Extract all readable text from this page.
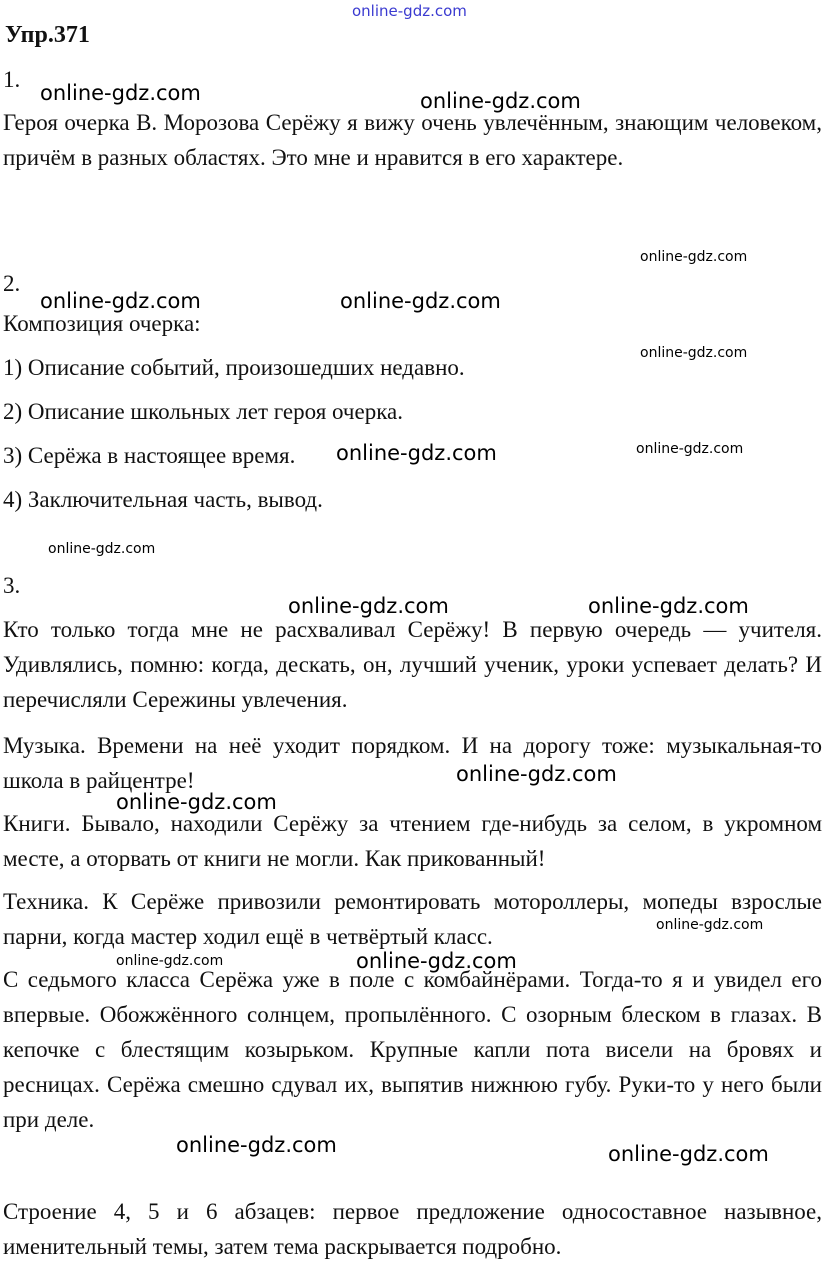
online-gdz.com
Упр.371
1.

Героя очерка В. Морозова Серёжу я вижу очень увлечённым, знающим человеком, причём в разных областях. Это мне и нравится в его характере.

2.

Композиция очерка:

1) Описание событий, произошедших недавно.

2) Описание школьных лет героя очерка.

3) Серёжа в настоящее время.

4) Заключительная часть, вывод.

3.

Кто только тогда мне не расхваливал Серёжу! В первую очередь — учителя. Удивлялись, помню: когда, дескать, он, лучший ученик, уроки успевает делать? И перечисляли Сережины увлечения.

Музыка. Времени на неё уходит порядком. И на дорогу тоже: музыкальная-то школа в райцентре!

Книги. Бывало, находили Серёжу за чтением где-нибудь за селом, в укромном месте, а оторвать от книги не могли. Как прикованный!

Техника. К Серёже привозили ремонтировать мотороллеры, мопеды взрослые парни, когда мастер ходил ещё в четвёртый класс.

С седьмого класса Серёжа уже в поле с комбайнёрами. Тогда-то я и увидел его впервые. Обожжённого солнцем, пропылённого. С озорным блеском в глазах. В кепочке с блестящим козырьком. Крупные капли пота висели на бровях и ресницах. Серёжа смешно сдувал их, выпятив нижнюю губу. Руки-то у него были при деле.

Строение 4, 5 и 6 абзацев: первое предложение односоставное назывное, именительный темы, затем тема раскрывается подробно.

online-gdz.com	online-gdz.com
online-gdz.com
online-gdz.com	online-gdz.com
online-gdz.com
online-gdz.com	online-gdz.com
online-gdz.com
online-gdz.com	online-gdz.com
online-gdz.com
online-gdz.com
online-gdz.com
online-gdz.com	online-gdz.com
online-gdz.com	online-gdz.com
